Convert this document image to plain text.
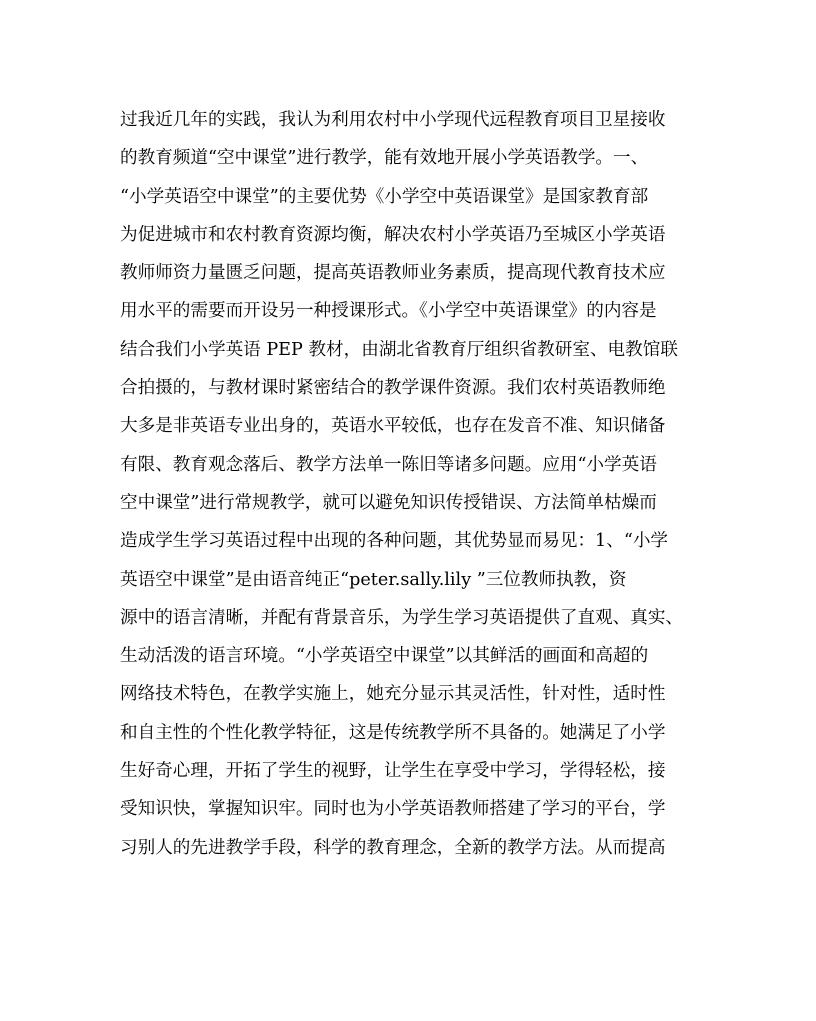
过我近几年的实践，我认为利用农村中小学现代远程教育项目卫星接收
的教育频道“空中课堂”进行教学，能有效地开展小学英语教学。一、
“小学英语空中课堂”的主要优势《小学空中英语课堂》是国家教育部
为促进城市和农村教育资源均衡，解决农村小学英语乃至城区小学英语
教师师资力量匮乏问题，提高英语教师业务素质，提高现代教育技术应
用水平的需要而开设另一种授课形式。《小学空中英语课堂》的内容是
结合我们小学英语 PEP 教材，由湖北省教育厅组织省教研室、电教馆联
合拍摄的，与教材课时紧密结合的教学课件资源。我们农村英语教师绝
大多是非英语专业出身的，英语水平较低，也存在发音不准、知识储备
有限、教育观念落后、教学方法单一陈旧等诸多问题。应用“小学英语
空中课堂”进行常规教学，就可以避免知识传授错误、方法简单枯燥而
造成学生学习英语过程中出现的各种问题，其优势显而易见：1、“小学
英语空中课堂”是由语音纯正“peter.sally.lily ”三位教师执教，资
源中的语言清晰，并配有背景音乐，为学生学习英语提供了直观、真实、
生动活泼的语言环境。“小学英语空中课堂”以其鲜活的画面和高超的
网络技术特色，在教学实施上，她充分显示其灵活性，针对性，适时性
和自主性的个性化教学特征，这是传统教学所不具备的。她满足了小学
生好奇心理，开拓了学生的视野，让学生在享受中学习，学得轻松，接
受知识快，掌握知识牢。同时也为小学英语教师搭建了学习的平台，学
习别人的先进教学手段，科学的教育理念，全新的教学方法。从而提高
